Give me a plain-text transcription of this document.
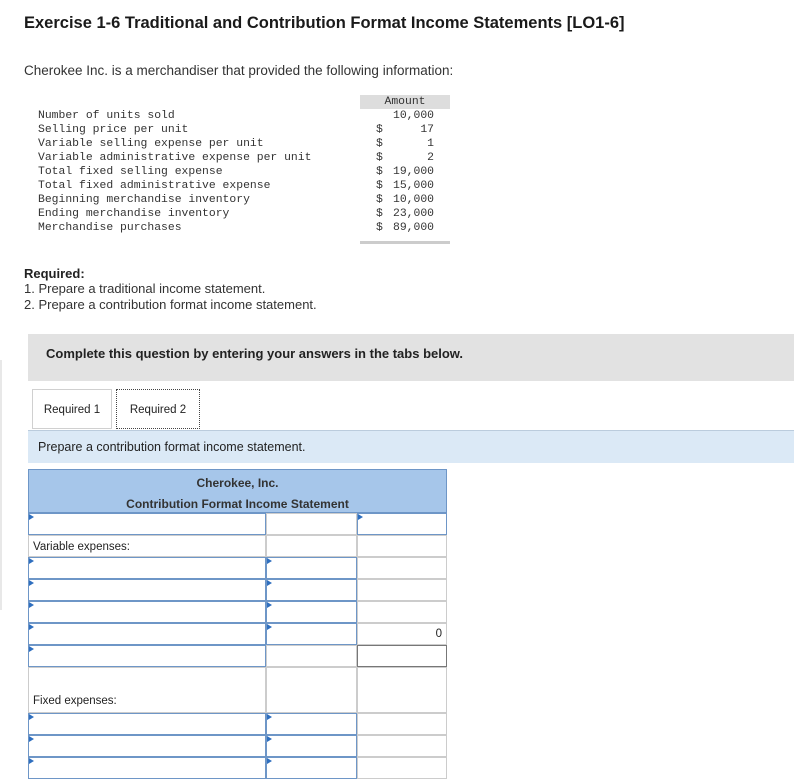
Exercise 1-6 Traditional and Contribution Format Income Statements [LO1-6]
Cherokee Inc. is a merchandiser that provided the following information:
Amount
Number of units sold	10,000
Selling price per unit	$	17
Variable selling expense per unit	$	1
Variable administrative expense per unit	$	2
Total fixed selling expense	$ 19,000
Total fixed administrative expense	$ 15,000
Beginning merchandise inventory	$ 10,000
Ending merchandise inventory	$ 23,000
Merchandise purchases	$ 89,000
Required:
1. Prepare a traditional income statement.
2. Prepare a contribution format income statement.
Complete this question by entering your answers in the tabs below.
Required 1	Required 2
Prepare a contribution format income statement.
Cherokee, Inc.
Contribution Format Income Statement
Variable expenses:
0
Fixed expenses:
